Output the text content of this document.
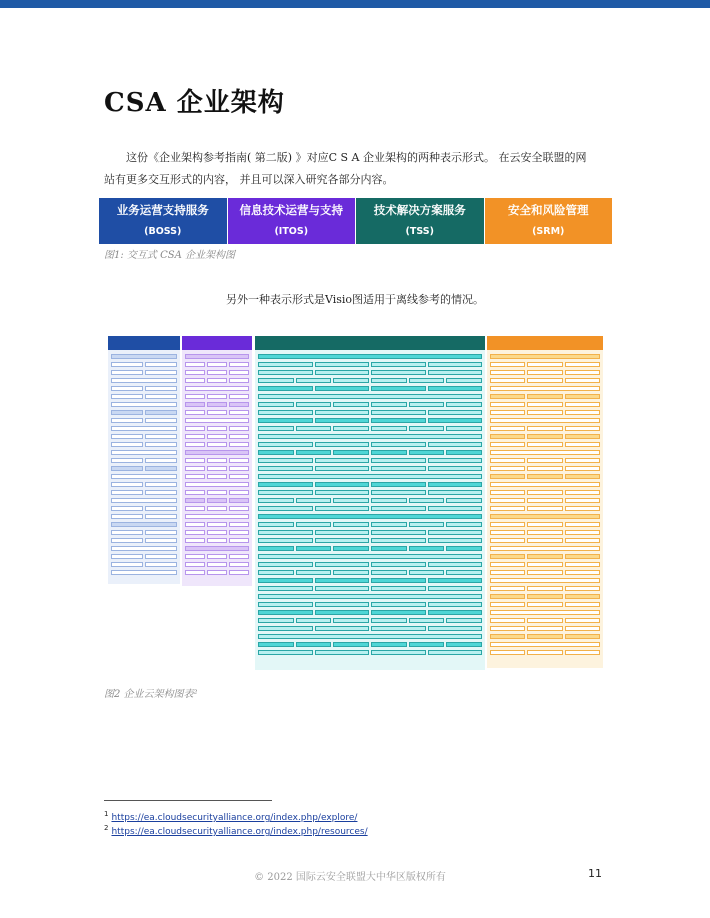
CSA 企业架构
这份《企业架构参考指南( 第二版) 》对应C S A 企业架构的两种表示形式。 在云安全联盟的网
站有更多交互形式的内容， 并且可以深入研究各部分内容。
业务运营支持服务
(BOSS)
信息技术运营与支持
(ITOS)
技术解决方案服务
(TSS)
安全和风险管理
(SRM)
图1: 交互式 CSA 企业架构图
另外一种表示形式是Visio图适用于离线参考的情况。
图2 企业云架构图表²
$^1$ https://ea.cloudsecurityalliance.org/index.php/explore/
$^2$ https://ea.cloudsecurityalliance.org/index.php/resources/
© 2022 国际云安全联盟大中华区版权所有	11
